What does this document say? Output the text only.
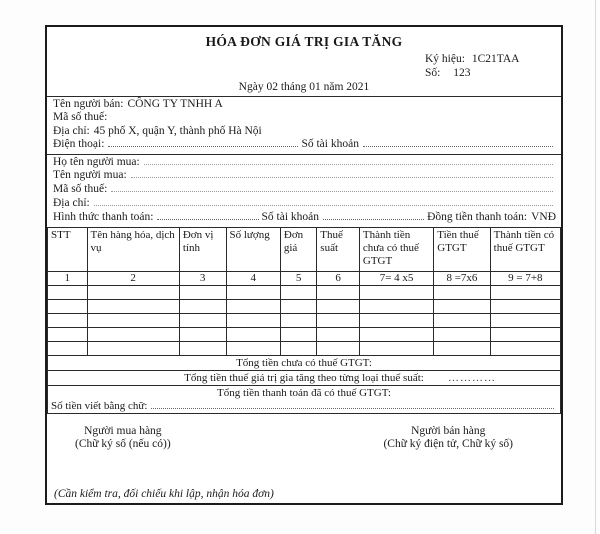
HÓA ĐƠN GIÁ TRỊ GIA TĂNG
Ký hiệu: 1C21TAA
Số: 123
Ngày 02 tháng 01 năm 2021
Tên người bán: CÔNG TY TNHH A
Mã số thuế:
Địa chỉ: 45 phố X, quận Y, thành phố Hà Nội
Điện thoại:	Số tài khoản
Họ tên người mua:
Tên người mua:
Mã số thuế:
Địa chỉ:
Hình thức thanh toán:	Số tài khoản	Đồng tiền thanh toán: VNĐ
STT	Tên hàng hóa, dịch vụ	Đơn vị tính	Số lượng	Đơn giá	Thuế suất	Thành tiền chưa có thuế GTGT	Tiền thuế GTGT	Thành tiền có thuế GTGT
1	2	3	4	5	6	7= 4 x5	8 =7x6	9 = 7+8

Tổng tiền chưa có thuế GTGT:								
Tổng tiền thuế giá trị gia tăng theo từng loại thuế suất: …………								

Tổng tiền thanh toán đã có thuế GTGT:
Số tiền viết bằng chữ:								
Người mua hàng
(Chữ ký số (nếu có))
Người bán hàng
(Chữ ký điện tử, Chữ ký số)
(Cần kiểm tra, đối chiếu khi lập, nhận hóa đơn)
